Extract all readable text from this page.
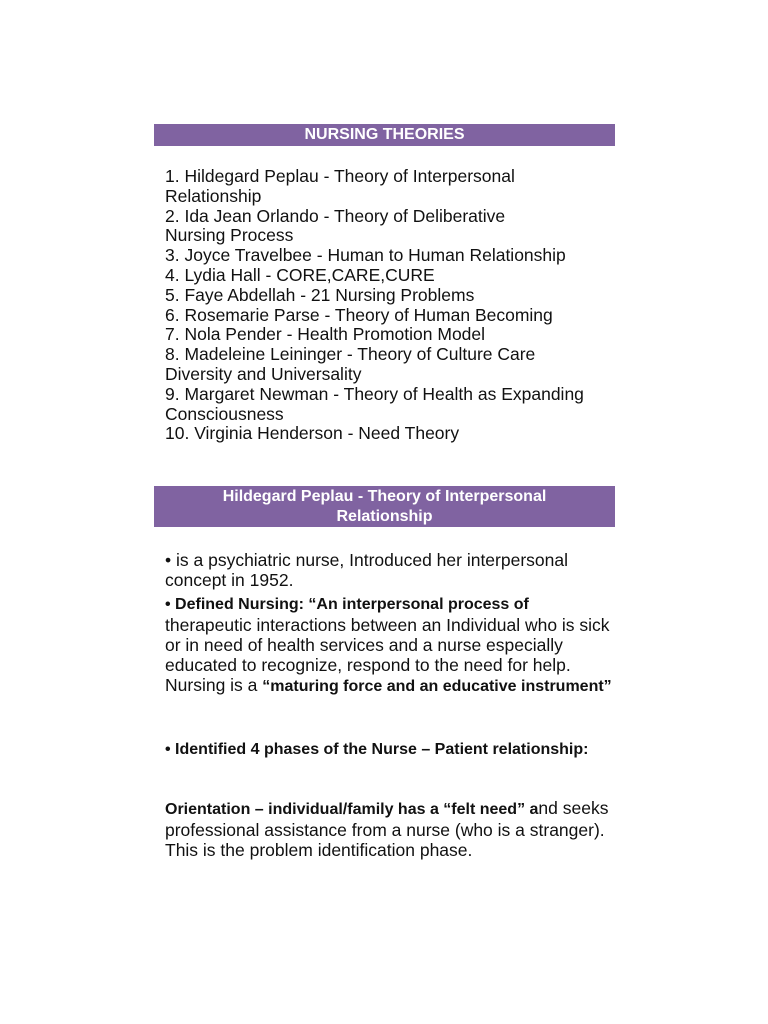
NURSING THEORIES
1. Hildegard Peplau - Theory of Interpersonal
Relationship
2. Ida Jean Orlando - Theory of Deliberative
Nursing Process
3. Joyce Travelbee - Human to Human Relationship
4. Lydia Hall - CORE,CARE,CURE
5. Faye Abdellah - 21 Nursing Problems
6. Rosemarie Parse - Theory of Human Becoming
7. Nola Pender - Health Promotion Model
8. Madeleine Leininger - Theory of Culture Care
Diversity and Universality
9. Margaret Newman - Theory of Health as Expanding
Consciousness
10. Virginia Henderson - Need Theory
Hildegard Peplau - Theory of Interpersonal
Relationship
• is a psychiatric nurse, Introduced her interpersonal concept in 1952.
• Defined Nursing: “An interpersonal process of therapeutic interactions between an Individual who is sick or in need of health services and a nurse especially educated to recognize, respond to the need for help. Nursing is a “maturing force and an educative instrument”
• Identified 4 phases of the Nurse – Patient relationship:
Orientation – individual/family has a “felt need” and seeks professional assistance from a nurse (who is a stranger). This is the problem identification phase.
